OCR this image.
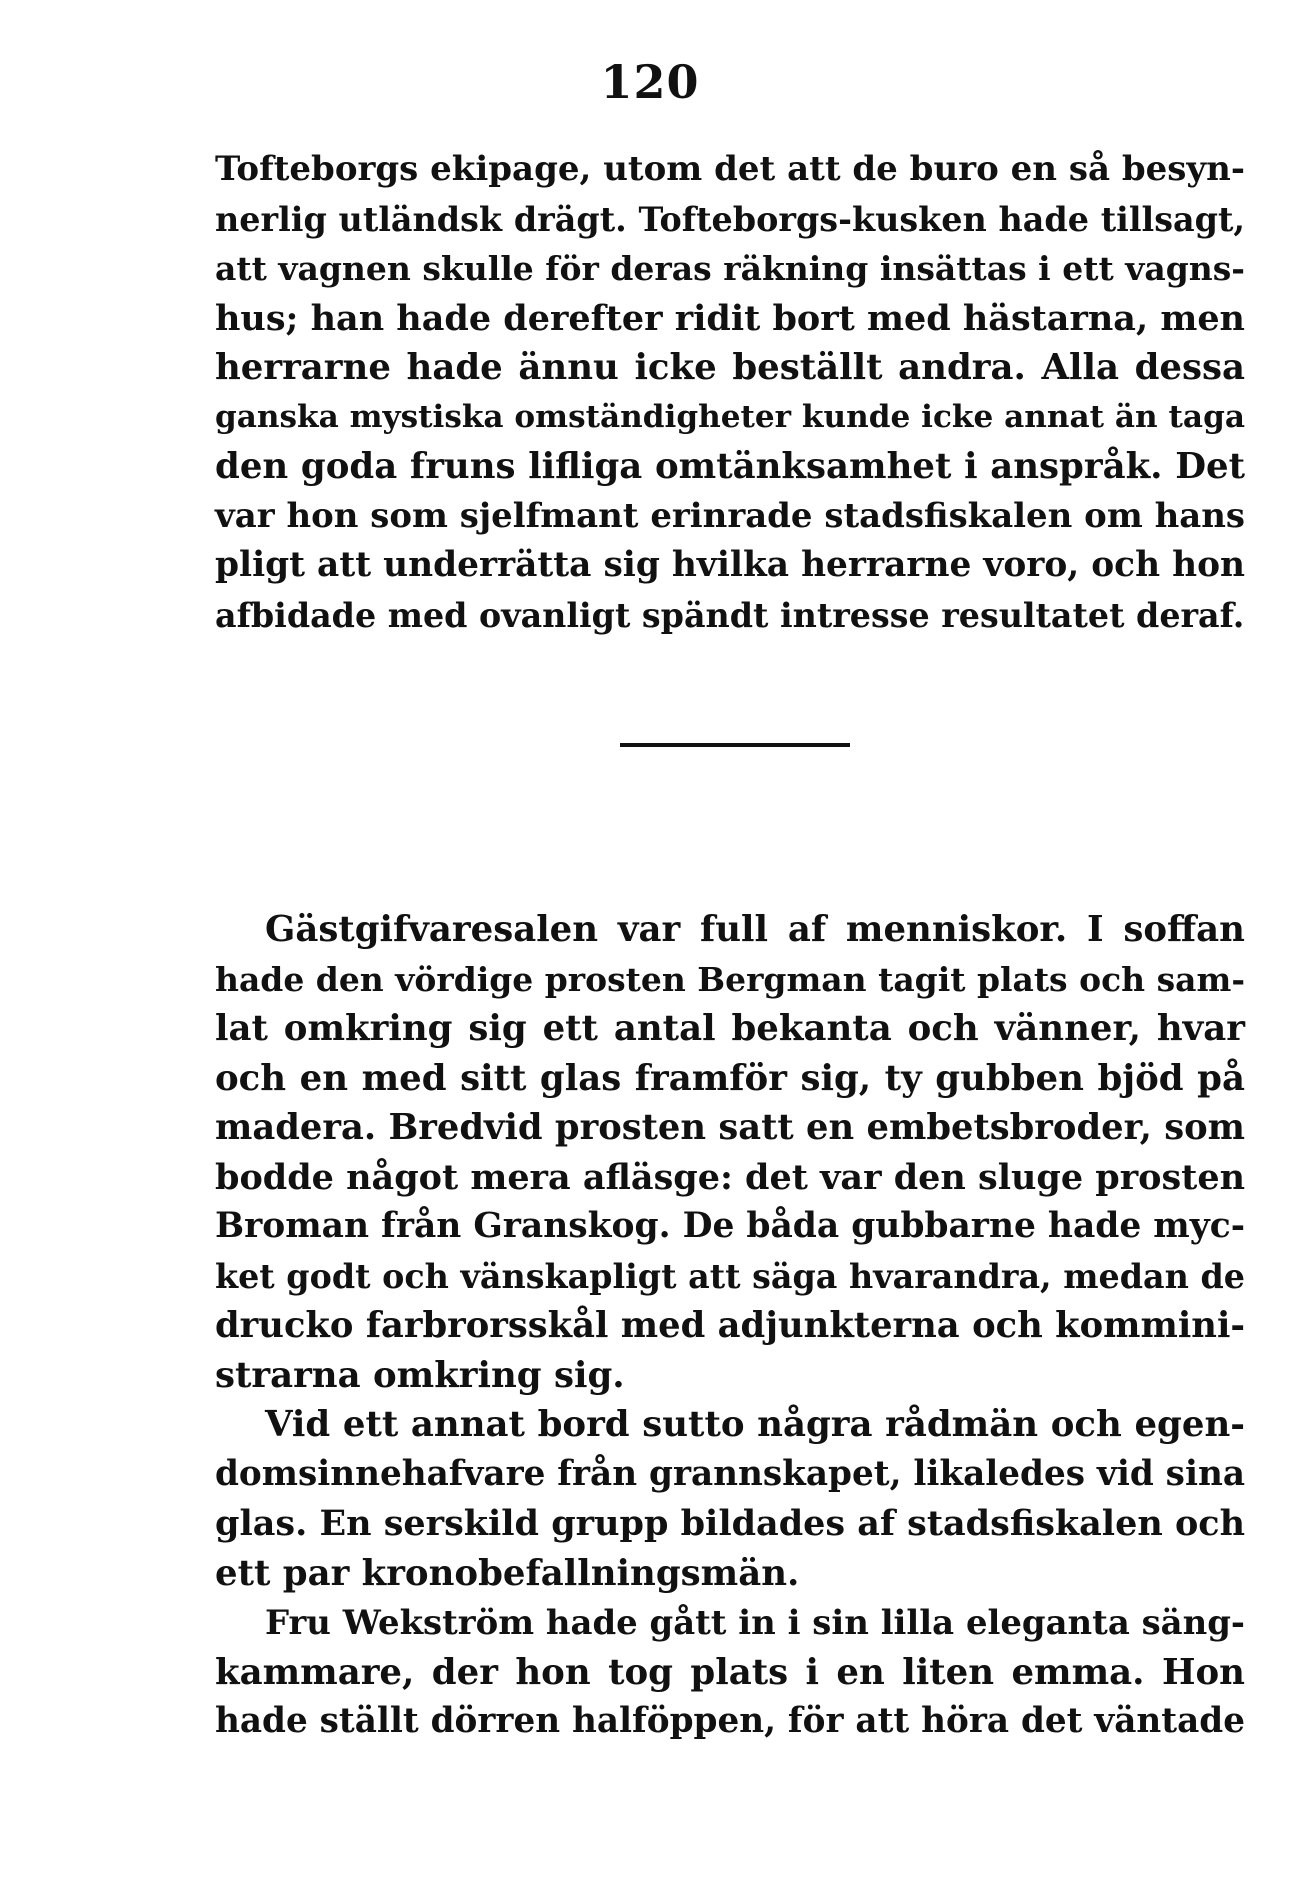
120
Tofteborgs ekipage, utom det att de buro en så besyn-
nerlig utländsk drägt. Tofteborgs-kusken hade tillsagt,
att vagnen skulle för deras räkning insättas i ett vagns-
hus; han hade derefter ridit bort med hästarna, men
herrarne hade ännu icke beställt andra. Alla dessa
ganska mystiska omständigheter kunde icke annat än taga
den goda fruns lifliga omtänksamhet i anspråk. Det
var hon som sjelfmant erinrade stadsfiskalen om hans
pligt att underrätta sig hvilka herrarne voro, och hon
afbidade med ovanligt spändt intresse resultatet deraf.
Gästgifvaresalen var full af menniskor. I soffan
hade den vördige prosten Bergman tagit plats och sam-
lat omkring sig ett antal bekanta och vänner, hvar
och en med sitt glas framför sig, ty gubben bjöd på
madera. Bredvid prosten satt en embetsbroder, som
bodde något mera afläsge: det var den sluge prosten
Broman från Granskog. De båda gubbarne hade myc-
ket godt och vänskapligt att säga hvarandra, medan de
drucko farbrorsskål med adjunkterna och kommini-
strarna omkring sig.
Vid ett annat bord sutto några rådmän och egen-
domsinnehafvare från grannskapet, likaledes vid sina
glas. En serskild grupp bildades af stadsfiskalen och
ett par kronobefallningsmän.
Fru Wekström hade gått in i sin lilla eleganta säng-
kammare, der hon tog plats i en liten emma. Hon
hade ställt dörren halföppen, för att höra det väntade
